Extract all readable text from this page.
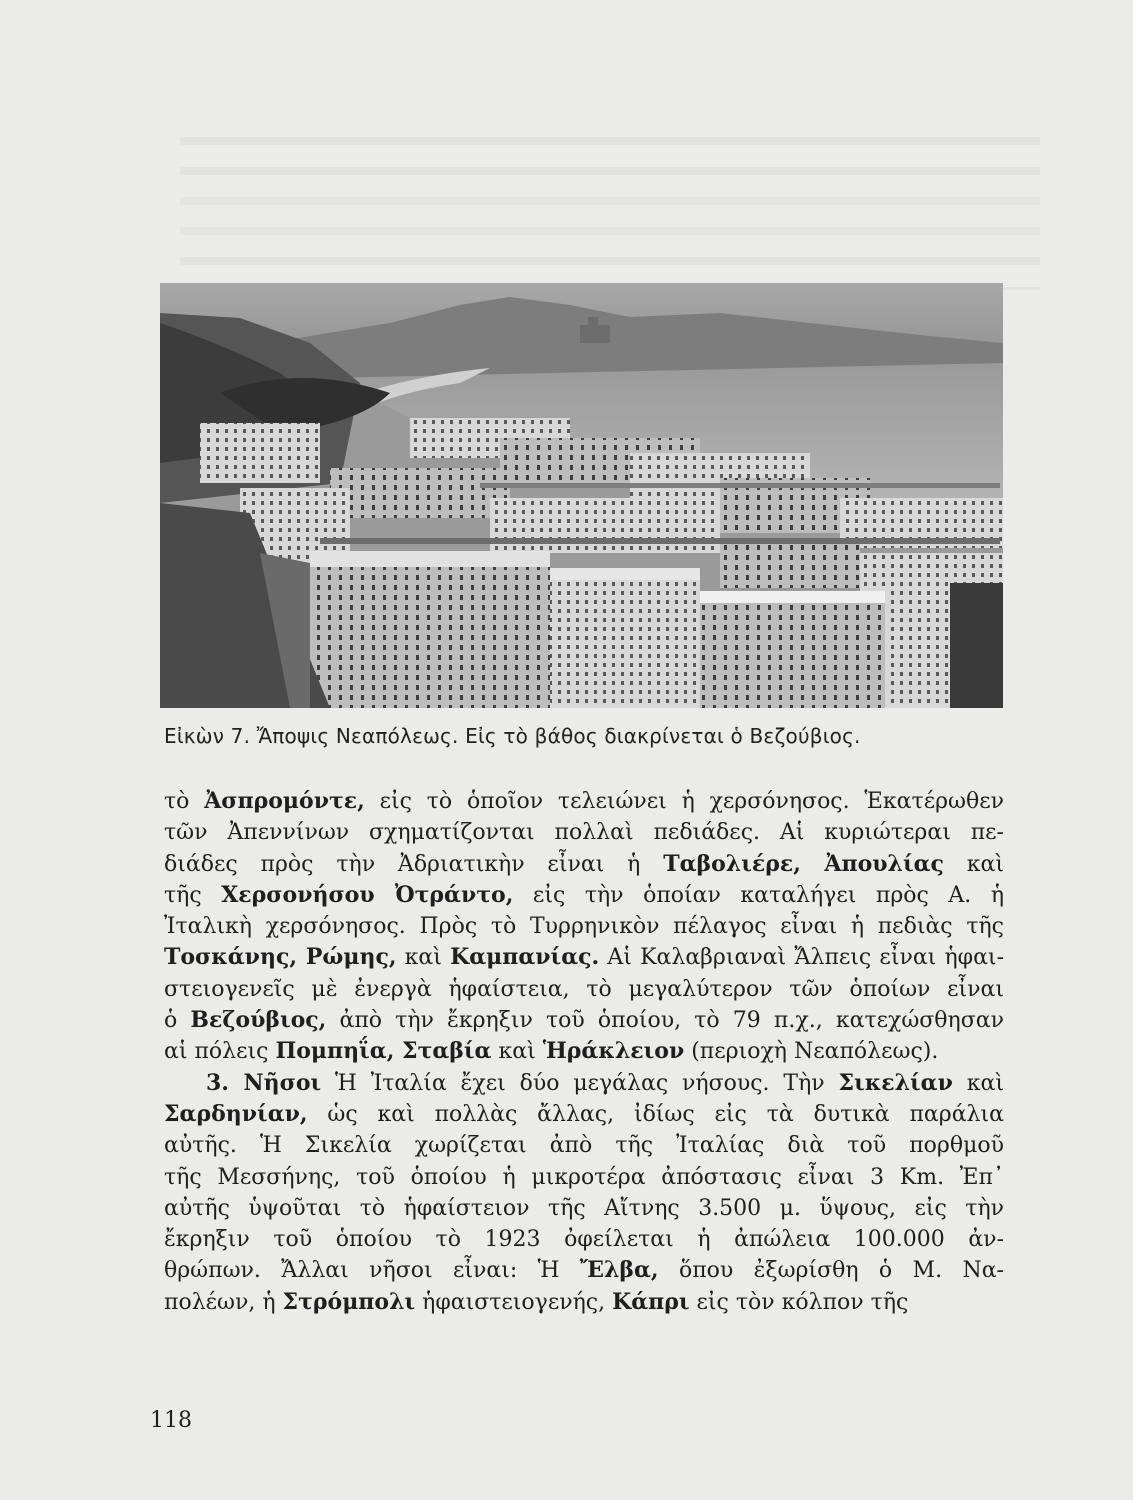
Εἰκὼν 7. Ἄποψις Νεαπόλεως. Εἰς τὸ βάθος διακρίνεται ὁ Βεζούβιος.
τὸ Ἀσπρομόντε, εἰς τὸ ὁποῖον τελειώνει ἡ χερσόνησος. Ἑκατέρωθεν
τῶν Ἀπεννίνων σχηματίζονται πολλαὶ πεδιάδες. Αἱ κυριώτεραι πε-
διάδες πρὸς τὴν Ἀδριατικὴν εἶναι ἡ Ταβολιέρε, Ἀπουλίας καὶ
τῆς Χερσονήσου Ὀτράντο, εἰς τὴν ὁποίαν καταλήγει πρὸς Α. ἡ
Ἰταλικὴ χερσόνησος. Πρὸς τὸ Τυρρηνικὸν πέλαγος εἶναι ἡ πεδιὰς τῆς
Τοσκάνης, Ρώμης, καὶ Καμπανίας. Αἱ Καλαβριαναὶ Ἄλπεις εἶναι ἡφαι-
στειογενεῖς μὲ ἐνεργὰ ἡφαίστεια, τὸ μεγαλύτερον τῶν ὁποίων εἶναι
ὁ Βεζούβιος, ἀπὸ τὴν ἔκρηξιν τοῦ ὁποίου, τὸ 79 π.χ., κατεχώσθησαν
αἱ πόλεις Πομπηΐα, Σταβία καὶ Ἡράκλειον (περιοχὴ Νεαπόλεως).
3. Νῆσοι Ἡ Ἰταλία ἔχει δύο μεγάλας νήσους. Τὴν Σικελίαν καὶ
Σαρδηνίαν, ὡς καὶ πολλὰς ἄλλας, ἰδίως εἰς τὰ δυτικὰ παράλια
αὐτῆς. Ἡ Σικελία χωρίζεται ἀπὸ τῆς Ἰταλίας διὰ τοῦ πορθμοῦ
τῆς Μεσσήνης, τοῦ ὁποίου ἡ μικροτέρα ἀπόστασις εἶναι 3 Km. Ἐπ᾽
αὐτῆς ὑψοῦται τὸ ἡφαίστειον τῆς Αἴτνης 3.500 μ. ὕψους, εἰς τὴν
ἔκρηξιν τοῦ ὁποίου τὸ 1923 ὀφείλεται ἡ ἀπώλεια 100.000 ἀν-
θρώπων. Ἄλλαι νῆσοι εἶναι: Ἡ Ἔλβα, ὅπου ἐξωρίσθη ὁ Μ. Να-
πολέων, ἡ Στρόμπολι ἡφαιστειογενής, Κάπρι εἰς τὸν κόλπον τῆς
118
